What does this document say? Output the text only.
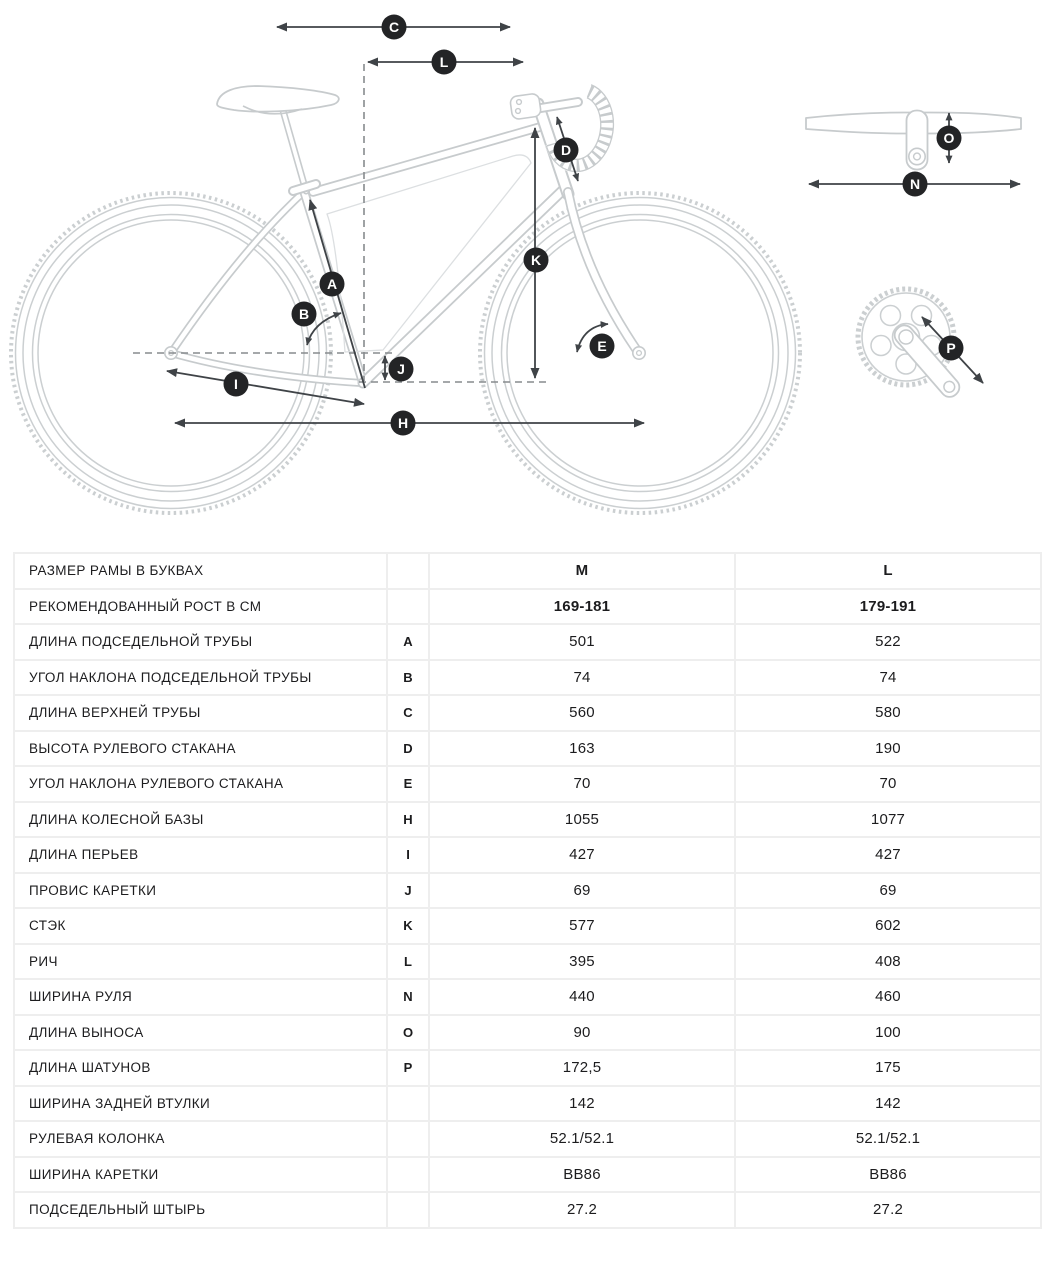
C
L
A
B
D
E
H
I
J
K
N
O
P
РАЗМЕР РАМЫ В БУКВАХ		M	L
РЕКОМЕНДОВАННЫЙ РОСТ В СМ		169-181	179-191
ДЛИНА ПОДСЕДЕЛЬНОЙ ТРУБЫ	A	501	522
УГОЛ НАКЛОНА ПОДСЕДЕЛЬНОЙ ТРУБЫ	B	74	74
ДЛИНА ВЕРХНЕЙ ТРУБЫ	C	560	580
ВЫСОТА РУЛЕВОГО СТАКАНА	D	163	190
УГОЛ НАКЛОНА РУЛЕВОГО СТАКАНА	E	70	70
ДЛИНА КОЛЕСНОЙ БАЗЫ	H	1055	1077
ДЛИНА ПЕРЬЕВ	I	427	427
ПРОВИС КАРЕТКИ	J	69	69
СТЭК	K	577	602
РИЧ	L	395	408
ШИРИНА РУЛЯ	N	440	460
ДЛИНА ВЫНОСА	O	90	100
ДЛИНА ШАТУНОВ	P	172,5	175
ШИРИНА ЗАДНЕЙ ВТУЛКИ		142	142
РУЛЕВАЯ КОЛОНКА		52.1/52.1	52.1/52.1
ШИРИНА КАРЕТКИ		BB86	BB86
ПОДСЕДЕЛЬНЫЙ ШТЫРЬ		27.2	27.2
